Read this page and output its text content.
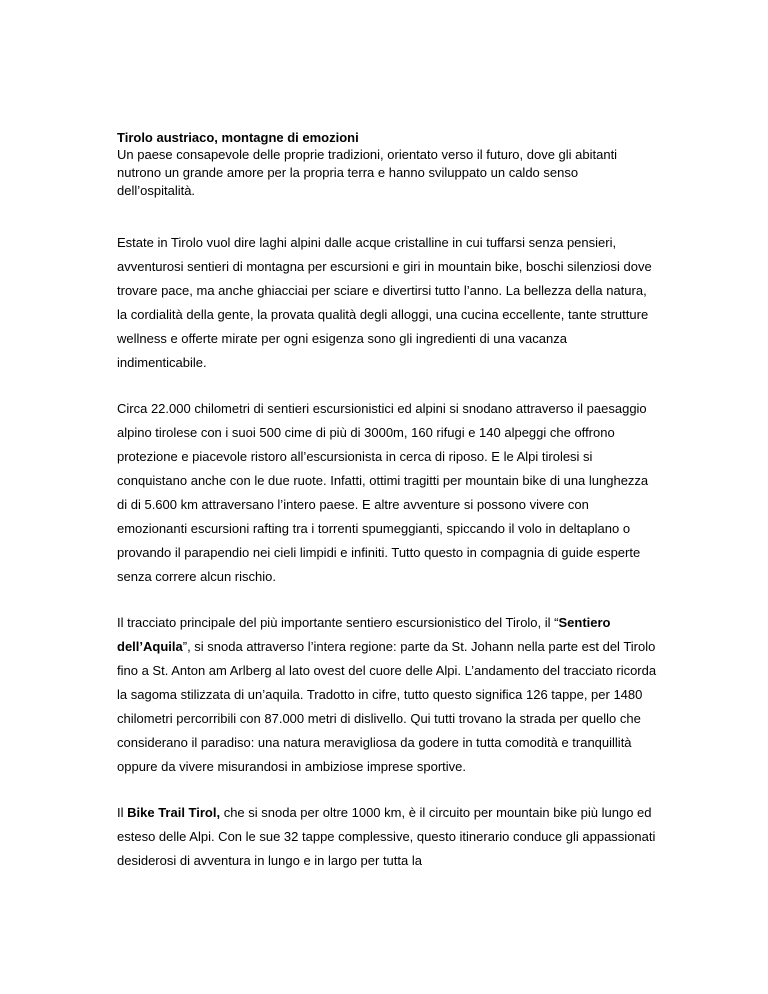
Tirolo austriaco, montagne di emozioni

Un paese consapevole delle proprie tradizioni, orientato verso il futuro, dove gli abitanti nutrono un grande amore per la propria terra e hanno sviluppato un caldo senso dell’ospitalità.

Estate in Tirolo vuol dire laghi alpini dalle acque cristalline in cui tuffarsi senza pensieri, avventurosi sentieri di montagna per escursioni e giri in mountain bike, boschi silenziosi dove trovare pace, ma anche ghiacciai per sciare e divertirsi tutto l’anno. La bellezza della natura, la cordialità della gente, la provata qualità degli alloggi, una cucina eccellente, tante strutture wellness e offerte mirate per ogni esigenza sono gli ingredienti di una vacanza indimenticabile.

Circa 22.000 chilometri di sentieri escursionistici ed alpini si snodano attraverso il paesaggio alpino tirolese con i suoi 500 cime di più di 3000m, 160 rifugi e 140 alpeggi che offrono protezione e piacevole ristoro all’escursionista in cerca di riposo. E le Alpi tirolesi si conquistano anche con le due ruote. Infatti, ottimi tragitti per mountain bike di una lunghezza di di 5.600 km attraversano l’intero paese. E altre avventure si possono vivere con emozionanti escursioni rafting tra i torrenti spumeggianti, spiccando il volo in deltaplano o provando il parapendio nei cieli limpidi e infiniti. Tutto questo in compagnia di guide esperte senza correre alcun rischio.

Il tracciato principale del più importante sentiero escursionistico del Tirolo, il “Sentiero dell’Aquila”, si snoda attraverso l’intera regione: parte da St. Johann nella parte est del Tirolo fino a St. Anton am Arlberg al lato ovest del cuore delle Alpi. L’andamento del tracciato ricorda la sagoma stilizzata di un’aquila. Tradotto in cifre, tutto questo significa 126 tappe, per 1480 chilometri percorribili con 87.000 metri di dislivello. Qui tutti trovano la strada per quello che considerano il paradiso: una natura meravigliosa da godere in tutta comodità e tranquillità oppure da vivere misurandosi in ambiziose imprese sportive.

Il Bike Trail Tirol, che si snoda per oltre 1000 km, è il circuito per mountain bike più lungo ed esteso delle Alpi. Con le sue 32 tappe complessive, questo itinerario conduce gli appassionati desiderosi di avventura in lungo e in largo per tutta la
